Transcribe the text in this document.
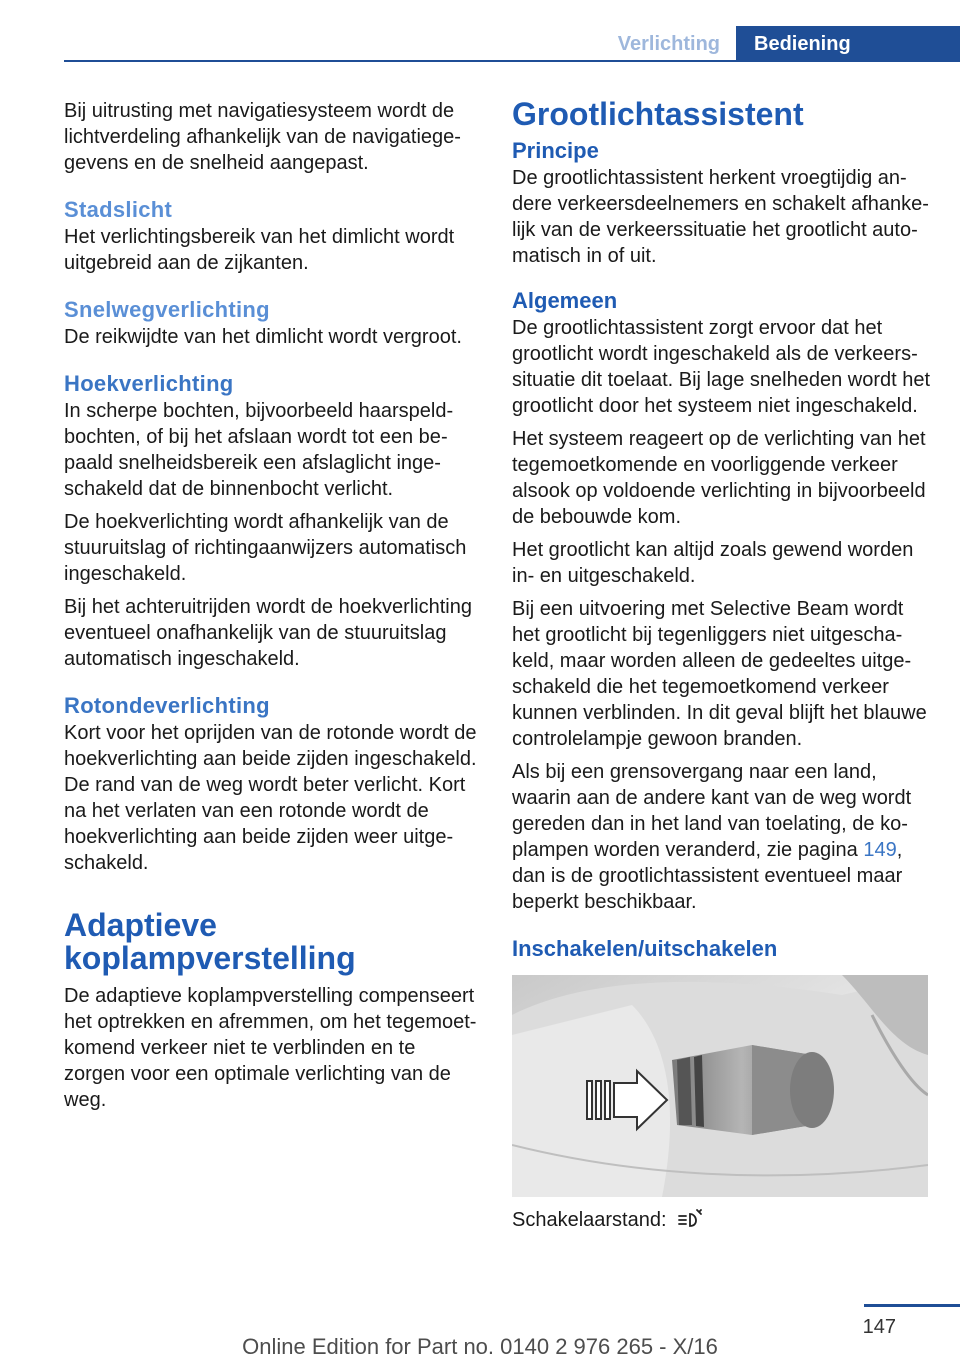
Verlichting	Bediening

Bij uitrusting met navigatiesysteem wordt de lichtverdeling afhankelijk van de navigatiegegevens en de snelheid aangepast.

Stadslicht

Het verlichtingsbereik van het dimlicht wordt uitgebreid aan de zijkanten.

Snelwegverlichting

De reikwijdte van het dimlicht wordt vergroot.

Hoekverlichting

In scherpe bochten, bijvoorbeeld haarspeldbochten, of bij het afslaan wordt tot een bepaald snelheidsbereik een afslaglicht ingeschakeld dat de binnenbocht verlicht.

De hoekverlichting wordt afhankelijk van de stuuruitslag of richtingaanwijzers automatisch ingeschakeld.

Bij het achteruitrijden wordt de hoekverlichting eventueel onafhankelijk van de stuuruitslag automatisch ingeschakeld.

Rotondeverlichting

Kort voor het oprijden van de rotonde wordt de hoekverlichting aan beide zijden ingeschakeld. De rand van de weg wordt beter verlicht. Kort na het verlaten van een rotonde wordt de hoekverlichting aan beide zijden weer uitgeschakeld.

Adaptieve
koplampverstelling

De adaptieve koplampverstelling compenseert het optrekken en afremmen, om het tegemoetkomend verkeer niet te verblinden en te zorgen voor een optimale verlichting van de weg.

Grootlichtassistent
Principe

De grootlichtassistent herkent vroegtijdig andere verkeersdeelnemers en schakelt afhankelijk van de verkeerssituatie het grootlicht automatisch in of uit.

Algemeen

De grootlichtassistent zorgt ervoor dat het grootlicht wordt ingeschakeld als de verkeerssituatie dit toelaat. Bij lage snelheden wordt het grootlicht door het systeem niet ingeschakeld.

Het systeem reageert op de verlichting van het tegemoetkomende en voorliggende verkeer alsook op voldoende verlichting in bijvoorbeeld de bebouwde kom.

Het grootlicht kan altijd zoals gewend worden in- en uitgeschakeld.

Bij een uitvoering met Selective Beam wordt het grootlicht bij tegenliggers niet uitgeschakeld, maar worden alleen de gedeeltes uitgeschakeld die het tegemoetkomend verkeer kunnen verblinden. In dit geval blijft het blauwe controlelampje gewoon branden.

Als bij een grensovergang naar een land, waarin aan de andere kant van de weg wordt gereden dan in het land van toelating, de koplampen worden veranderd, zie pagina 149, dan is de grootlichtassistent eventueel maar beperkt beschikbaar.

Inschakelen/uitschakelen
Schakelaarstand:
147
Online Edition for Part no. 0140 2 976 265 - X/16
